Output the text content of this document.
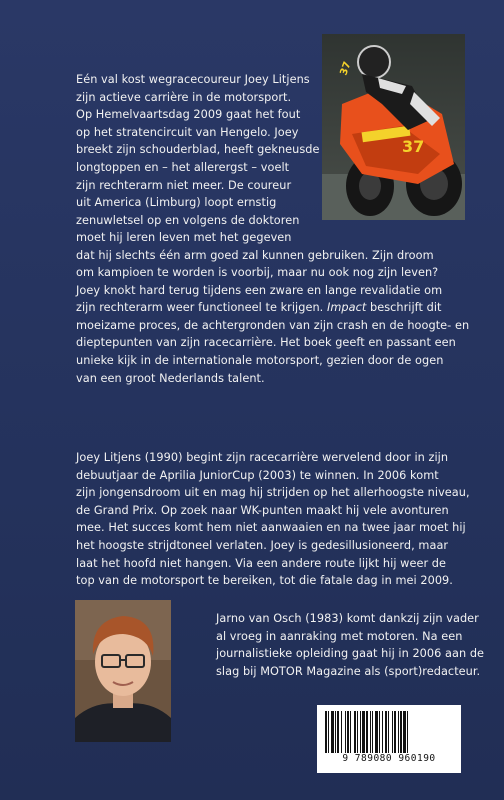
37
37
Eén val kost wegracecoureur Joey Litjens
zijn actieve carrière in de motorsport.
Op Hemelvaartsdag 2009 gaat het fout
op het stratencircuit van Hengelo. Joey
breekt zijn schouderblad, heeft gekneusde
longtoppen en – het allerergst – voelt
zijn rechterarm niet meer. De coureur
uit America (Limburg) loopt ernstig
zenuwletsel op en volgens de doktoren
moet hij leren leven met het gegeven
dat hij slechts één arm goed zal kunnen gebruiken. Zijn droom
om kampioen te worden is voorbij, maar nu ook nog zijn leven?
Joey knokt hard terug tijdens een zware en lange revalidatie om
zijn rechterarm weer functioneel te krijgen. Impact beschrijft dit
moeizame proces, de achtergronden van zijn crash en de hoogte- en
dieptepunten van zijn racecarrière. Het boek geeft en passant een
unieke kijk in de internationale motorsport, gezien door de ogen
van een groot Nederlands talent.
Joey Litjens (1990) begint zijn racecarrière wervelend door in zijn
debuutjaar de Aprilia JuniorCup (2003) te winnen. In 2006 komt
zijn jongensdroom uit en mag hij strijden op het allerhoogste niveau,
de Grand Prix. Op zoek naar WK-punten maakt hij vele avonturen
mee. Het succes komt hem niet aanwaaien en na twee jaar moet hij
het hoogste strijdtoneel verlaten. Joey is gedesillusioneerd, maar
laat het hoofd niet hangen. Via een andere route lijkt hij weer de
top van de motorsport te bereiken, tot die fatale dag in mei 2009.
Jarno van Osch (1983) komt dankzij zijn vader
al vroeg in aanraking met motoren. Na een
journalistieke opleiding gaat hij in 2006 aan de
slag bij MOTOR Magazine als (sport)redacteur.
9 789080 960190
